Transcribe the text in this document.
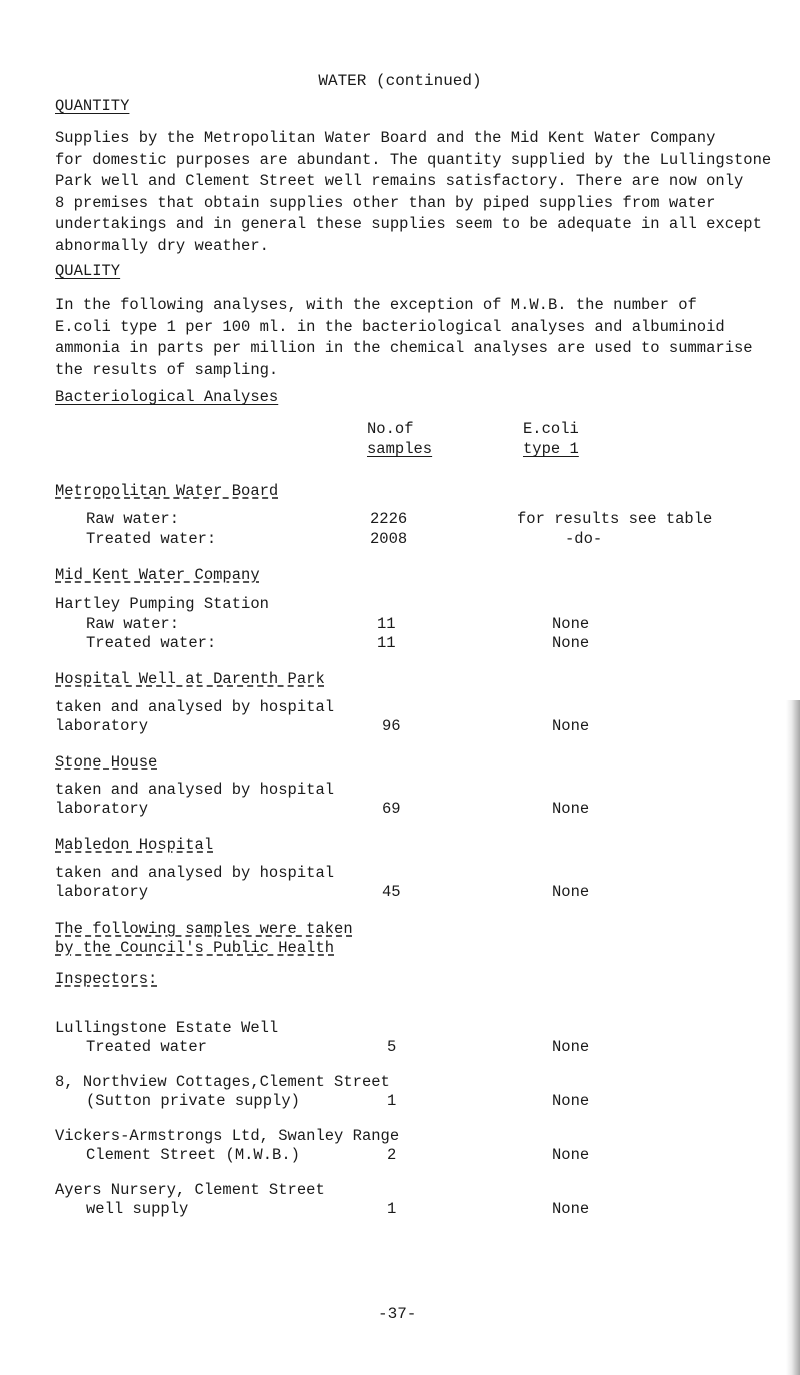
WATER (continued)
QUANTITY
Supplies by the Metropolitan Water Board and the Mid Kent Water Company
for domestic purposes are abundant. The quantity supplied by the Lullingstone
Park well and Clement Street well remains satisfactory. There are now only
8 premises that obtain supplies other than by piped supplies from water
undertakings and in general these supplies seem to be adequate in all except
abnormally dry weather.
QUALITY
In the following analyses, with the exception of M.W.B. the number of
E.coli type 1 per 100 ml. in the bacteriological analyses and albuminoid
ammonia in parts per million in the chemical analyses are used to summarise
the results of sampling.
Bacteriological Analyses
No.of
samples
E.coli
type 1
Metropolitan Water Board
Raw water:	2226	for results see table
Treated water:	2008	-do-
Mid Kent Water Company
Hartley Pumping Station
Raw water:	11	None
Treated water:	11	None
Hospital Well at Darenth Park
taken and analysed by hospital
laboratory	96	None
Stone House
taken and analysed by hospital
laboratory	69	None
Mabledon Hospital
taken and analysed by hospital
laboratory	45	None
The following samples were taken
by the Council's Public Health
Inspectors:
Lullingstone Estate Well
Treated water	5	None
8, Northview Cottages,Clement Street
(Sutton private supply)	1	None
Vickers-Armstrongs Ltd, Swanley Range
Clement Street (M.W.B.)	2	None
Ayers Nursery, Clement Street
well supply	1	None
-37-
